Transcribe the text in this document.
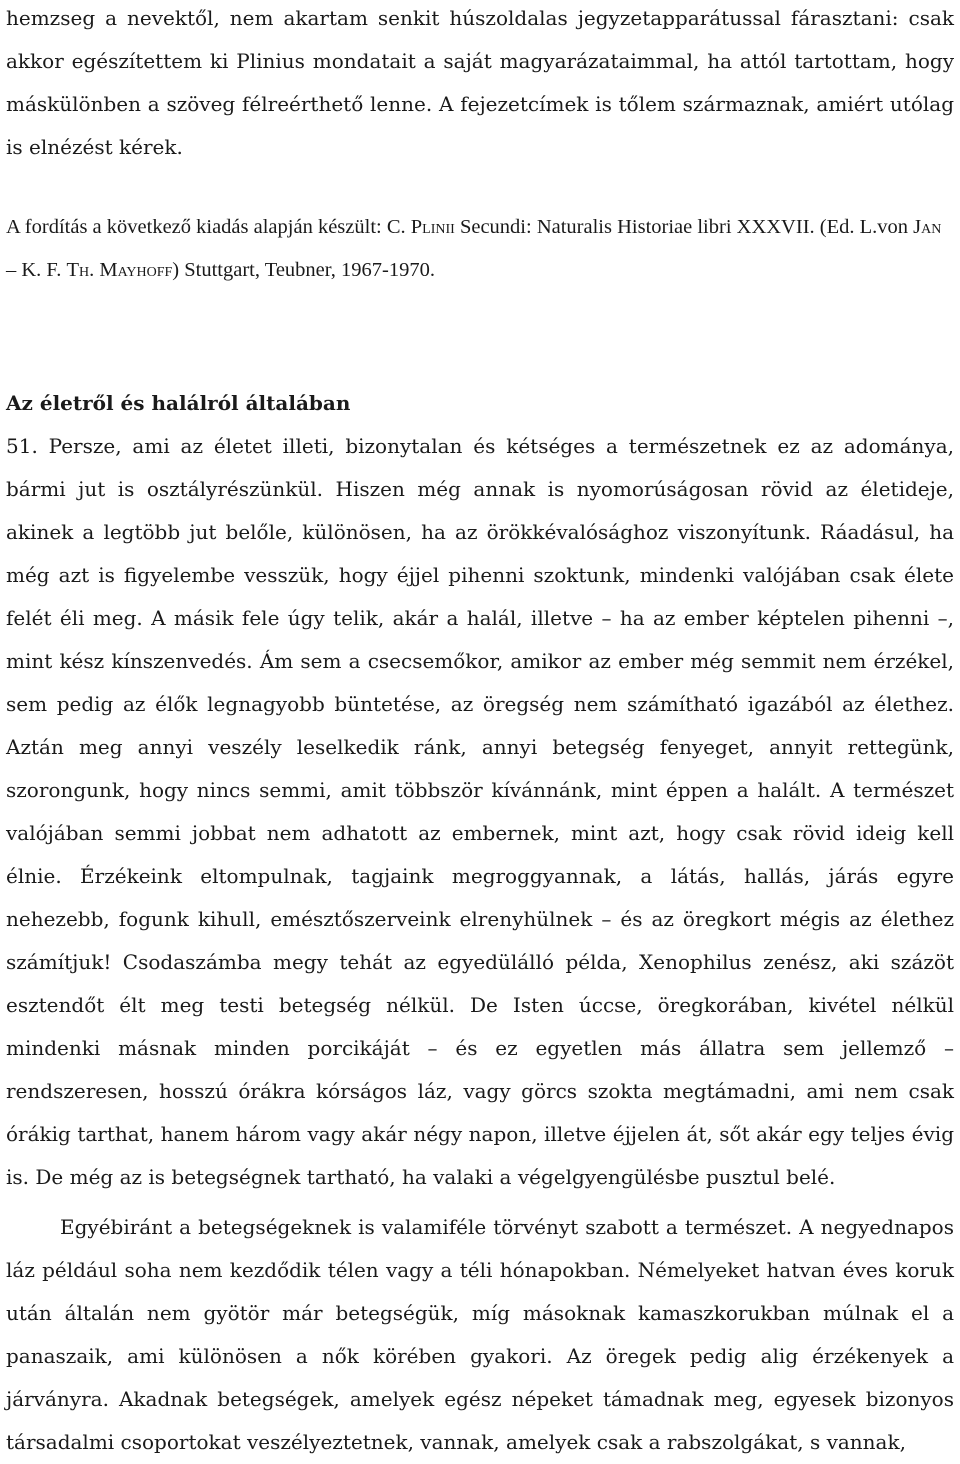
hemzseg a nevektől, nem akartam senkit húszoldalas jegyzetapparátussal fárasztani: csak akkor egészítettem ki Plinius mondatait a saját magyarázataimmal, ha attól tartottam, hogy máskülönben a szöveg félreérthető lenne. A fejezetcímek is tőlem származnak, amiért utólag is elnézést kérek.

A fordítás a következő kiadás alapján készült: C. Plinii Secundi: Naturalis Historiae libri XXXVII. (Ed. L.von Jan – K. F. Th. Mayhoff) Stuttgart, Teubner, 1967-1970.

Az életről és halálról általában

51. Persze, ami az életet illeti, bizonytalan és kétséges a természetnek ez az adománya, bármi jut is osztályrészünkül. Hiszen még annak is nyomorúságosan rövid az életideje, akinek a legtöbb jut belőle, különösen, ha az örökkévalósághoz viszonyítunk. Ráadásul, ha még azt is figyelembe vesszük, hogy éjjel pihenni szoktunk, mindenki valójában csak élete felét éli meg. A másik fele úgy telik, akár a halál, illetve – ha az ember képtelen pihenni –, mint kész kínszenvedés. Ám sem a csecsemőkor, amikor az ember még semmit nem érzékel, sem pedig az élők legnagyobb büntetése, az öregség nem számítható igazából az élethez. Aztán meg annyi veszély leselkedik ránk, annyi betegség fenyeget, annyit rettegünk, szorongunk, hogy nincs semmi, amit többször kívánnánk, mint éppen a halált. A természet valójában semmi jobbat nem adhatott az embernek, mint azt, hogy csak rövid ideig kell élnie. Érzékeink eltompulnak, tagjaink megroggyannak, a látás, hallás, járás egyre nehezebb, fogunk kihull, emésztőszerveink elrenyhülnek – és az öregkort mégis az élethez számítjuk! Csodaszámba megy tehát az egyedülálló példa, Xenophilus zenész, aki százöt esztendőt élt meg testi betegség nélkül. De Isten úccse, öregkorában, kivétel nélkül mindenki másnak minden porcikáját – és ez egyetlen más állatra sem jellemző – rendszeresen, hosszú órákra kórságos láz, vagy görcs szokta megtámadni, ami nem csak órákig tarthat, hanem három vagy akár négy napon, illetve éjjelen át, sőt akár egy teljes évig is. De még az is betegségnek tartható, ha valaki a végelgyengülésbe pusztul belé.

Egyébiránt a betegségeknek is valamiféle törvényt szabott a természet. A negyednapos láz például soha nem kezdődik télen vagy a téli hónapokban. Némelyeket hatvan éves koruk után általán nem gyötör már betegségük, míg másoknak kamaszkorukban múlnak el a panaszaik, ami különösen a nők körében gyakori. Az öregek pedig alig érzékenyek a járványra. Akadnak betegségek, amelyek egész népeket támadnak meg, egyesek bizonyos társadalmi csoportokat veszélyeztetnek, vannak, amelyek csak a rabszolgákat, s vannak,
